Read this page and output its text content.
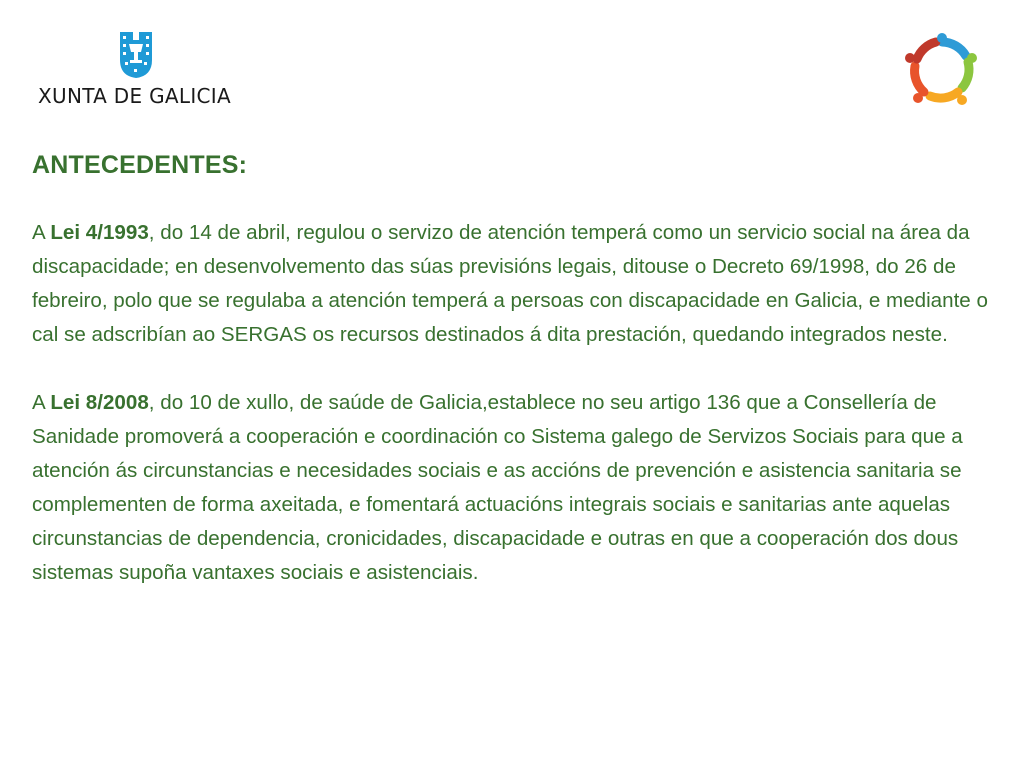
XUNTA DE GALICIA
ANTECEDENTES:

A Lei 4/1993, do 14 de abril, regulou o servizo de atención temperá como un servicio social na área da discapacidade; en desenvolvemento das súas previsións legais, ditouse o Decreto 69/1998, do 26 de febreiro, polo que se regulaba a atención temperá a persoas con discapacidade en Galicia, e mediante o cal se adscribían ao SERGAS os recursos destinados á dita prestación, quedando integrados neste.

A Lei 8/2008, do 10 de xullo, de saúde de Galicia,establece no seu artigo 136 que a Consellería de Sanidade promoverá a cooperación e coordinación co Sistema galego de Servizos Sociais para que a atención ás circunstancias e necesidades sociais e as accións de prevención e asistencia sanitaria se complementen de forma axeitada, e fomentará actuacións integrais sociais e sanitarias ante aquelas circunstancias de dependencia, cronicidades, discapacidade e outras en que a cooperación dos dous sistemas supoña vantaxes sociais e asistenciais.
